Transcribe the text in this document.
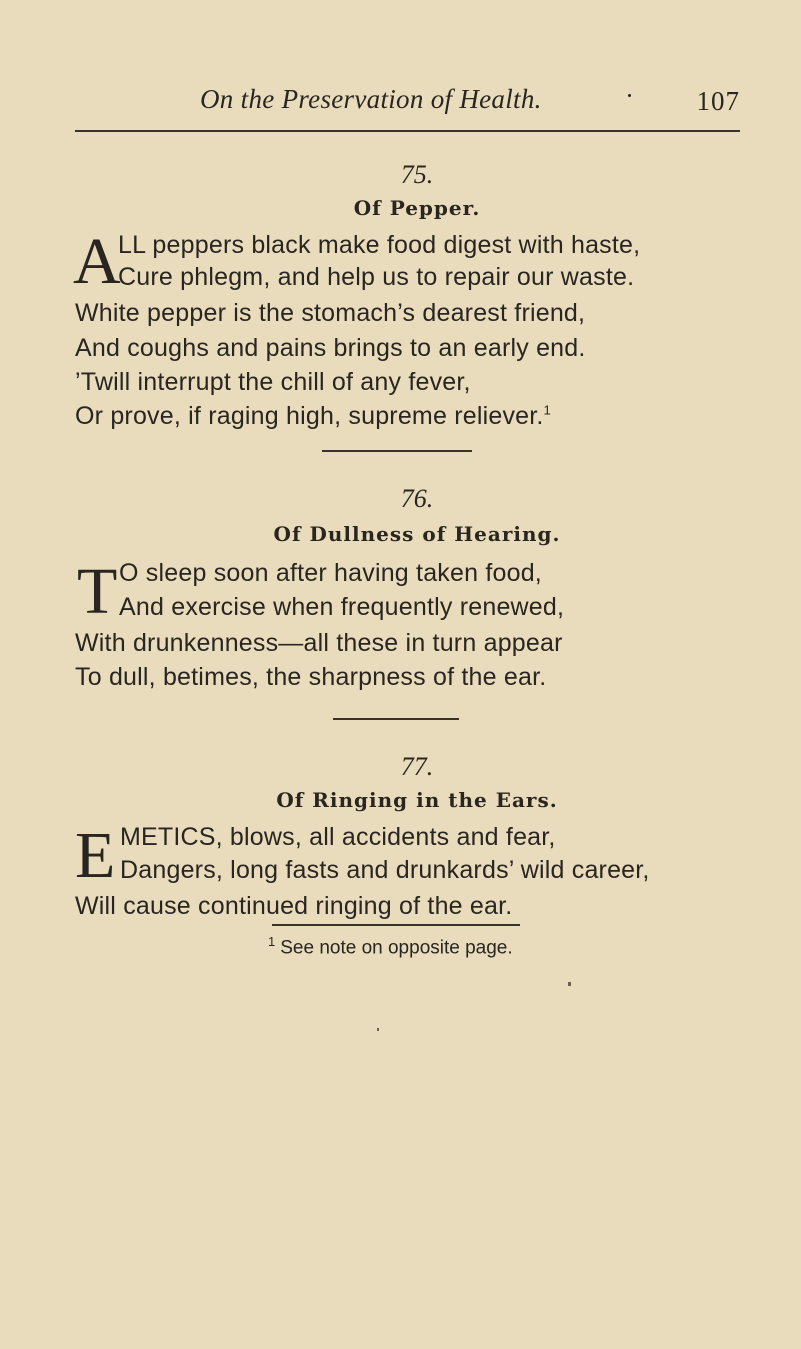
On the Preservation of Health.	107
75.
Of Pepper.
A
LL peppers black make food digest with haste,
Cure phlegm, and help us to repair our waste.
White pepper is the stomach’s dearest friend,
And coughs and pains brings to an early end.
’Twill interrupt the chill of any fever,
Or prove, if raging high, supreme reliever.$^1$
76.
Of Dullness of Hearing.
T O sleep soon after having taken food,
And exercise when frequently renewed,
With drunkenness—all these in turn appear
To dull, betimes, the sharpness of the ear.
77.
Of Ringing in the Ears.
E METICS, blows, all accidents and fear,
Dangers, long fasts and drunkards’ wild career,
Will cause continued ringing of the ear.
$^1$ See note on opposite page.
